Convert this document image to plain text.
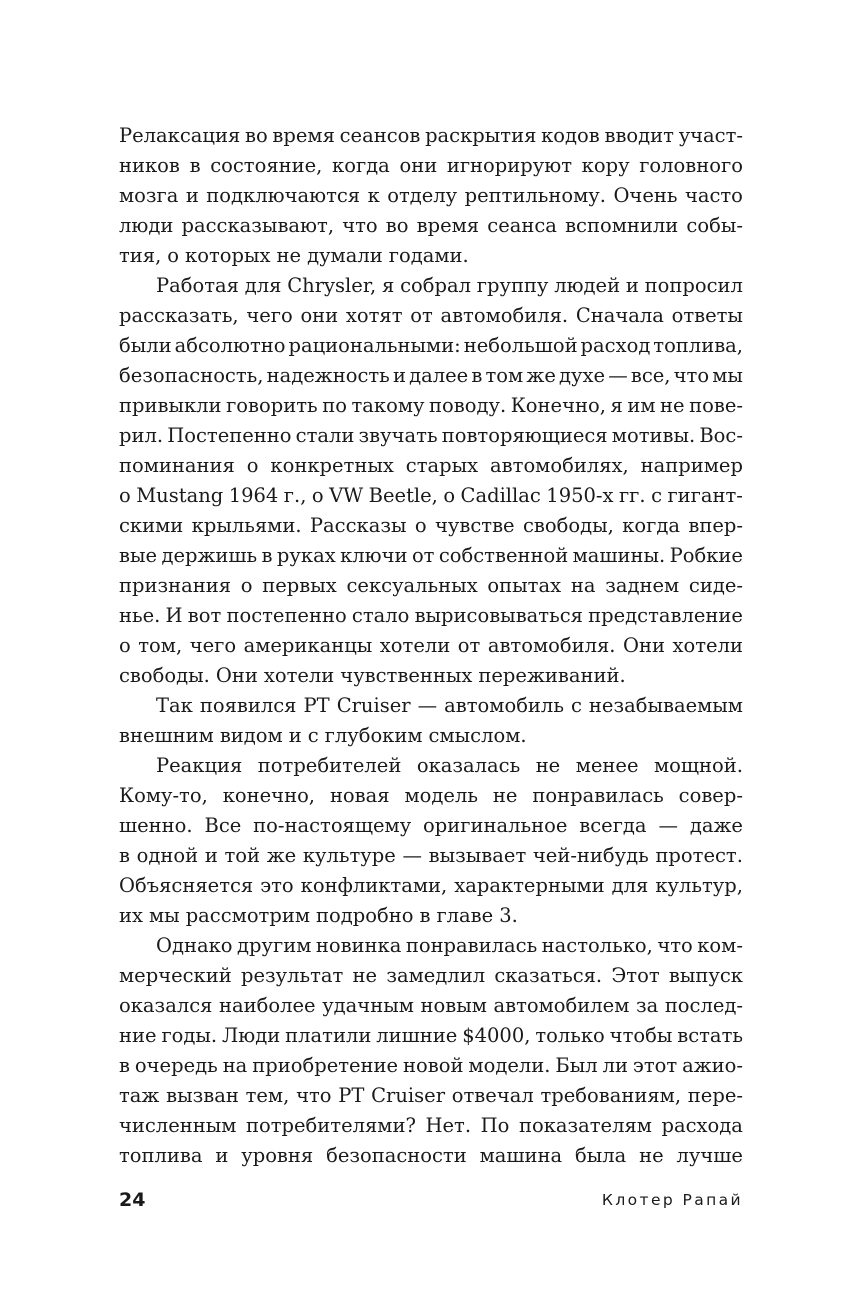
Релаксация во время сеансов раскрытия кодов вводит участ-
ников в состояние, когда они игнорируют кору головного
мозга и подключаются к отделу рептильному. Очень часто
люди рассказывают, что во время сеанса вспомнили собы-
тия, о которых не думали годами.
Работая для Chrysler, я собрал группу людей и попросил
рассказать, чего они хотят от автомобиля. Сначала ответы
были абсолютно рациональными: небольшой расход топлива,
безопасность, надежность и далее в том же духе — все, что мы
привыкли говорить по такому поводу. Конечно, я им не пове-
рил. Постепенно стали звучать повторяющиеся мотивы. Вос-
поминания о конкретных старых автомобилях, например
о Mustang 1964 г., о VW Beetle, о Cadillac 1950-х гг. с гигант-
скими крыльями. Рассказы о чувстве свободы, когда впер-
вые держишь в руках ключи от собственной машины. Робкие
признания о первых сексуальных опытах на заднем сиде-
нье. И вот постепенно стало вырисовываться представление
о том, чего американцы хотели от автомобиля. Они хотели
свободы. Они хотели чувственных переживаний.
Так появился PT Cruiser — автомобиль с незабываемым
внешним видом и с глубоким смыслом.
Реакция потребителей оказалась не менее мощной.
Кому-то, конечно, новая модель не понравилась совер-
шенно. Все по-настоящему оригинальное всегда — даже
в одной и той же культуре — вызывает чей-нибудь протест.
Объясняется это конфликтами, характерными для культур,
их мы рассмотрим подробно в главе 3.
Однако другим новинка понравилась настолько, что ком-
мерческий результат не замедлил сказаться. Этот выпуск
оказался наиболее удачным новым автомобилем за послед-
ние годы. Люди платили лишние $4000, только чтобы встать
в очередь на приобретение новой модели. Был ли этот ажио-
таж вызван тем, что PT Cruiser отвечал требованиям, пере-
численным потребителями? Нет. По показателям расхода
топлива и уровня безопасности машина была не лучше
24	Клотер Рапай
